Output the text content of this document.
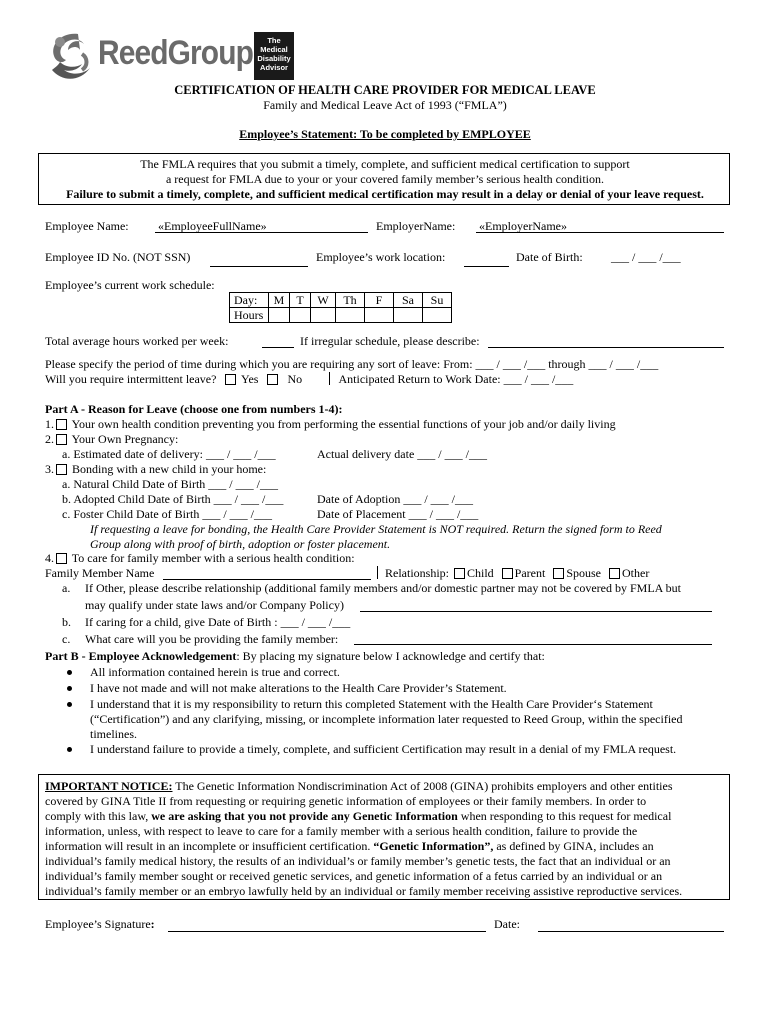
ReedGroup	The
Medical
Disability
Advisor
CERTIFICATION OF HEALTH CARE PROVIDER FOR MEDICAL LEAVE
Family and Medical Leave Act of 1993 (“FMLA”)
Employee’s Statement: To be completed by EMPLOYEE
The FMLA requires that you submit a timely, complete, and sufficient medical certification to support
a request for FMLA due to your or your covered family member’s serious health condition.
Failure to submit a timely, complete, and sufficient medical certification may result in a delay or denial of your leave request.
Employee Name: «EmployeeFullName»	EmployerName: «EmployerName»
Employee ID No. (NOT SSN)	Employee’s work location:	Date of Birth: ___ / ___ /___
Employee’s current work schedule:
Day:	M	T	W	Th	F	Sa	Su
Hours							
Total average hours worked per week:	If irregular schedule, please describe:
Please specify the period of time during which you are requiring any sort of leave: From: ___ / ___ /___ through ___ / ___ /___
Will you require intermittent leave? Yes No	Anticipated Return to Work Date: ___ / ___ /___
Part A - Reason for Leave (choose one from numbers 1-4):
1. Your own health condition preventing you from performing the essential functions of your job and/or daily living
2. Your Own Pregnancy:
a. Estimated date of delivery: ___ / ___ /___	Actual delivery date ___ / ___ /___
3. Bonding with a new child in your home:
a. Natural Child Date of Birth ___ / ___ /___
b. Adopted Child Date of Birth ___ / ___ /___	Date of Adoption ___ / ___ /___
c. Foster Child Date of Birth ___ / ___ /___	Date of Placement ___ / ___ /___
If requesting a leave for bonding, the Health Care Provider Statement is NOT required. Return the signed form to Reed
Group along with proof of birth, adoption or foster placement.
4. To care for family member with a serious health condition:
Family Member Name	Relationship: Child Parent Spouse Other
a. If Other, please describe relationship (additional family members and/or domestic partner may not be covered by FMLA but
may qualify under state laws and/or Company Policy)
b. If caring for a child, give Date of Birth : ___ / ___ /___
c. What care will you be providing the family member:
Part B - Employee Acknowledgement: By placing my signature below I acknowledge and certify that:
All information contained herein is true and correct.
I have not made and will not make alterations to the Health Care Provider’s Statement.
I understand that it is my responsibility to return this completed Statement with the Health Care Provider‘s Statement
(“Certification”) and any clarifying, missing, or incomplete information later requested to Reed Group, within the specified
timelines.
I understand failure to provide a timely, complete, and sufficient Certification may result in a denial of my FMLA request.
IMPORTANT NOTICE: The Genetic Information Nondiscrimination Act of 2008 (GINA) prohibits employers and other entities
covered by GINA Title II from requesting or requiring genetic information of employees or their family members. In order to
comply with this law, we are asking that you not provide any Genetic Information when responding to this request for medical
information, unless, with respect to leave to care for a family member with a serious health condition, failure to provide the
information will result in an incomplete or insufficient certification. “Genetic Information”, as defined by GINA, includes an
individual’s family medical history, the results of an individual’s or family member’s genetic tests, the fact that an individual or an
individual’s family member sought or received genetic services, and genetic information of a fetus carried by an individual or an
individual’s family member or an embryo lawfully held by an individual or family member receiving assistive reproductive services.
Employee’s Signature:	Date:
